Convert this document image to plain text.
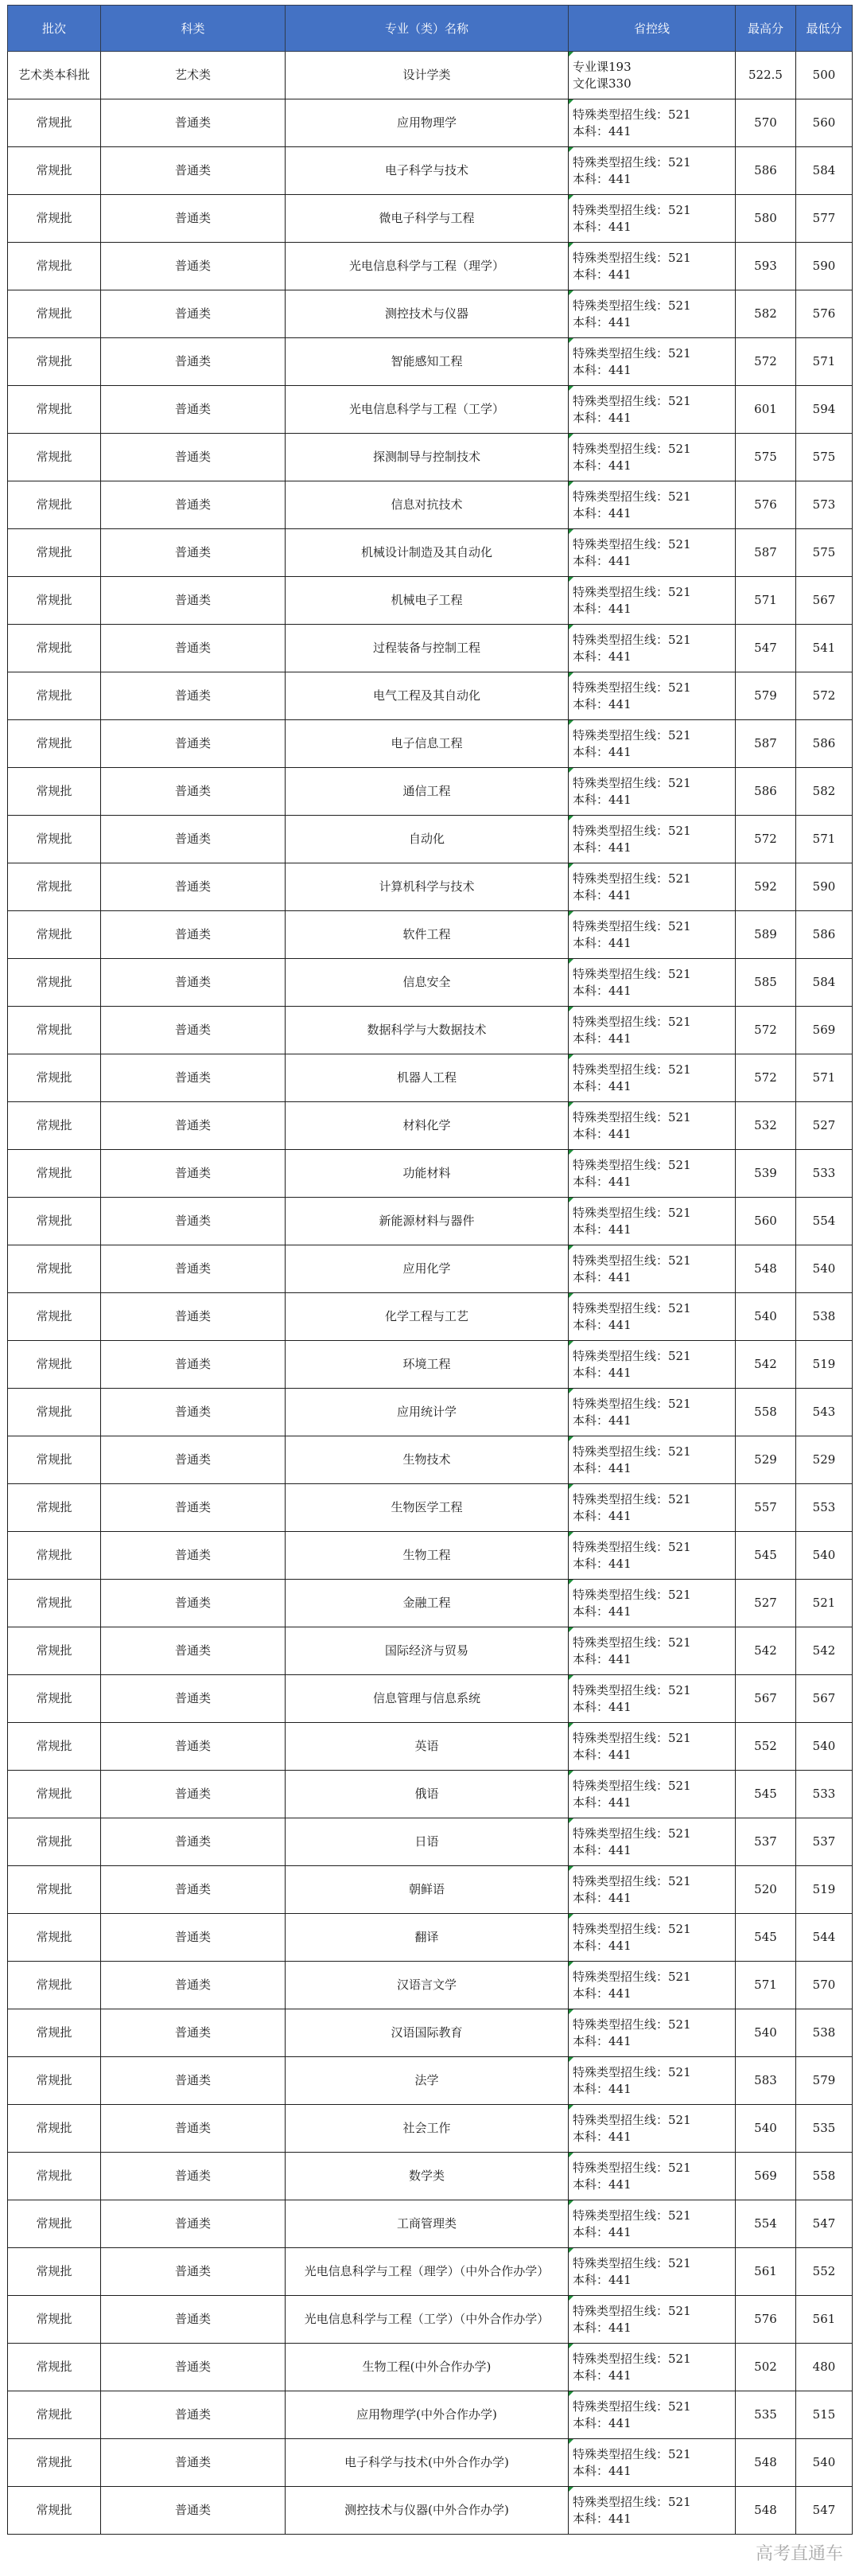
批次	科类	专业（类）名称	省控线	最高分	最低分
艺术类本科批	艺术类	设计学类	专业课193
文化课330	522.5	500
常规批	普通类	应用物理学	特殊类型招生线：521
本科：441	570	560
常规批	普通类	电子科学与技术	特殊类型招生线：521
本科：441	586	584
常规批	普通类	微电子科学与工程	特殊类型招生线：521
本科：441	580	577
常规批	普通类	光电信息科学与工程（理学）	特殊类型招生线：521
本科：441	593	590
常规批	普通类	测控技术与仪器	特殊类型招生线：521
本科：441	582	576
常规批	普通类	智能感知工程	特殊类型招生线：521
本科：441	572	571
常规批	普通类	光电信息科学与工程（工学）	特殊类型招生线：521
本科：441	601	594
常规批	普通类	探测制导与控制技术	特殊类型招生线：521
本科：441	575	575
常规批	普通类	信息对抗技术	特殊类型招生线：521
本科：441	576	573
常规批	普通类	机械设计制造及其自动化	特殊类型招生线：521
本科：441	587	575
常规批	普通类	机械电子工程	特殊类型招生线：521
本科：441	571	567
常规批	普通类	过程装备与控制工程	特殊类型招生线：521
本科：441	547	541
常规批	普通类	电气工程及其自动化	特殊类型招生线：521
本科：441	579	572
常规批	普通类	电子信息工程	特殊类型招生线：521
本科：441	587	586
常规批	普通类	通信工程	特殊类型招生线：521
本科：441	586	582
常规批	普通类	自动化	特殊类型招生线：521
本科：441	572	571
常规批	普通类	计算机科学与技术	特殊类型招生线：521
本科：441	592	590
常规批	普通类	软件工程	特殊类型招生线：521
本科：441	589	586
常规批	普通类	信息安全	特殊类型招生线：521
本科：441	585	584
常规批	普通类	数据科学与大数据技术	特殊类型招生线：521
本科：441	572	569
常规批	普通类	机器人工程	特殊类型招生线：521
本科：441	572	571
常规批	普通类	材料化学	特殊类型招生线：521
本科：441	532	527
常规批	普通类	功能材料	特殊类型招生线：521
本科：441	539	533
常规批	普通类	新能源材料与器件	特殊类型招生线：521
本科：441	560	554
常规批	普通类	应用化学	特殊类型招生线：521
本科：441	548	540
常规批	普通类	化学工程与工艺	特殊类型招生线：521
本科：441	540	538
常规批	普通类	环境工程	特殊类型招生线：521
本科：441	542	519
常规批	普通类	应用统计学	特殊类型招生线：521
本科：441	558	543
常规批	普通类	生物技术	特殊类型招生线：521
本科：441	529	529
常规批	普通类	生物医学工程	特殊类型招生线：521
本科：441	557	553
常规批	普通类	生物工程	特殊类型招生线：521
本科：441	545	540
常规批	普通类	金融工程	特殊类型招生线：521
本科：441	527	521
常规批	普通类	国际经济与贸易	特殊类型招生线：521
本科：441	542	542
常规批	普通类	信息管理与信息系统	特殊类型招生线：521
本科：441	567	567
常规批	普通类	英语	特殊类型招生线：521
本科：441	552	540
常规批	普通类	俄语	特殊类型招生线：521
本科：441	545	533
常规批	普通类	日语	特殊类型招生线：521
本科：441	537	537
常规批	普通类	朝鲜语	特殊类型招生线：521
本科：441	520	519
常规批	普通类	翻译	特殊类型招生线：521
本科：441	545	544
常规批	普通类	汉语言文学	特殊类型招生线：521
本科：441	571	570
常规批	普通类	汉语国际教育	特殊类型招生线：521
本科：441	540	538
常规批	普通类	法学	特殊类型招生线：521
本科：441	583	579
常规批	普通类	社会工作	特殊类型招生线：521
本科：441	540	535
常规批	普通类	数学类	特殊类型招生线：521
本科：441	569	558
常规批	普通类	工商管理类	特殊类型招生线：521
本科：441	554	547
常规批	普通类	光电信息科学与工程（理学）（中外合作办学）	特殊类型招生线：521
本科：441	561	552
常规批	普通类	光电信息科学与工程（工学）（中外合作办学）	特殊类型招生线：521
本科：441	576	561
常规批	普通类	生物工程(中外合作办学)	特殊类型招生线：521
本科：441	502	480
常规批	普通类	应用物理学(中外合作办学)	特殊类型招生线：521
本科：441	535	515
常规批	普通类	电子科学与技术(中外合作办学)	特殊类型招生线：521
本科：441	548	540
常规批	普通类	测控技术与仪器(中外合作办学)	特殊类型招生线：521
本科：441	548	547
高考直通车
